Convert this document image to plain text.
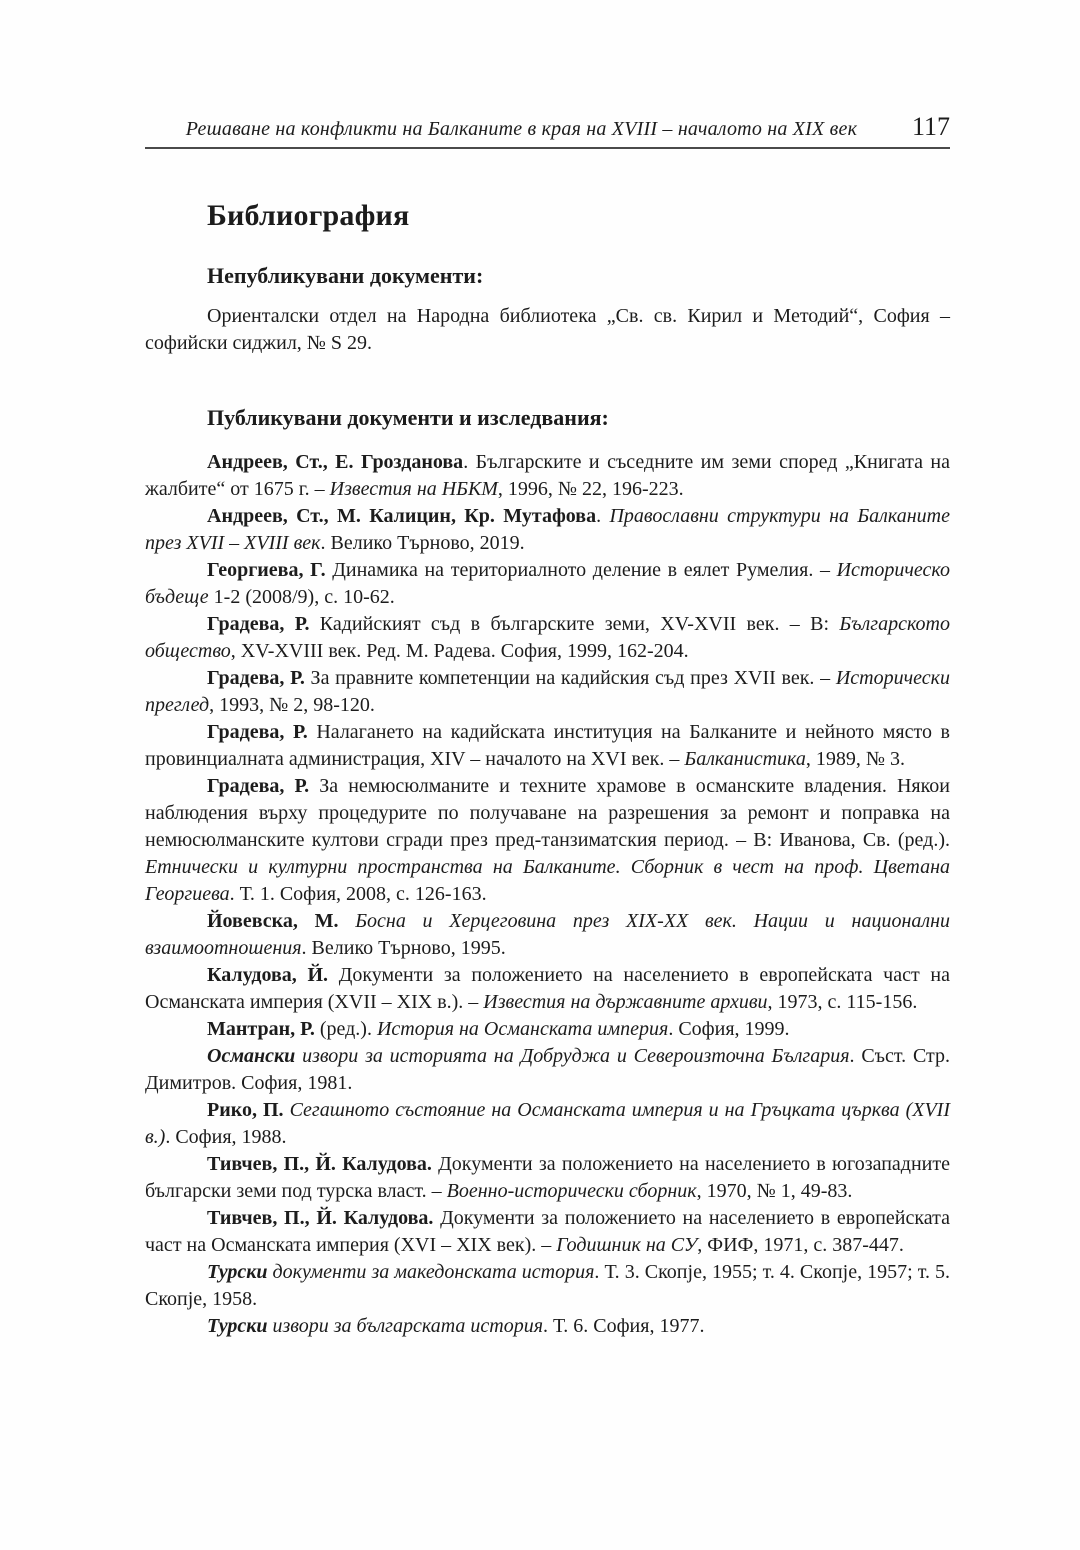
Решаване на конфликти на Балканите в края на XVIII – началото на XIX век	117
Библиография
Непубликувани документи:

Ориенталски отдел на Народна библиотека „Св. св. Кирил и Методий“, София – софийски сиджил, № S 29.

Публикувани документи и изследвания:

Андреев, Ст., Е. Грозданова. Българските и съседните им земи според „Книгата на жалбите“ от 1675 г. – Известия на НБКМ, 1996, № 22, 196-223.

Андреев, Ст., М. Калицин, Кр. Мутафова. Православни структури на Балканите през XVII – XVIII век. Велико Търново, 2019.

Георгиева, Г. Динамика на териториалното деление в еялет Румелия. – Историческо бъдеще 1-2 (2008/9), с. 10-62.

Градева, Р. Кадийският съд в българските земи, XV-XVII век. – В: Българското общество, XV-XVIII век. Ред. М. Радева. София, 1999, 162-204.

Градева, Р. За правните компетенции на кадийския съд през XVII век. – Исторически преглед, 1993, № 2, 98-120.

Градева, Р. Налагането на кадийската институция на Балканите и нейното място в провинциалната администрация, XIV – началото на XVI век. – Балканистика, 1989, № 3.

Градева, Р. За немюсюлманите и техните храмове в османските владения. Някои наблюдения върху процедурите по получаване на разрешения за ремонт и поправка на немюсюлманските култови сгради през пред-танзиматския период. – В: Иванова, Св. (ред.). Етнически и културни пространства на Балканите. Сборник в чест на проф. Цветана Георгиева. Т. 1. София, 2008, с. 126-163.

Йовевска, М. Босна и Херцеговина през XIX-XX век. Нации и национални взаимоотношения. Велико Търново, 1995.

Калудова, Й. Документи за положението на населението в европейската част на Османската империя (XVII – XIX в.). – Известия на държавните архиви, 1973, с. 115-156.

Мантран, Р. (ред.). История на Османската империя. София, 1999.

Османски извори за историята на Добруджа и Североизточна България. Съст. Стр. Димитров. София, 1981.

Рико, П. Сегашното състояние на Османската империя и на Гръцката църква (XVII в.). София, 1988.

Тивчев, П., Й. Калудова. Документи за положението на населението в югозападните български земи под турска власт. – Военно-исторически сборник, 1970, № 1, 49-83.

Тивчев, П., Й. Калудова. Документи за положението на населението в европейската част на Османската империя (XVI – XIX век). – Годишник на СУ, ФИФ, 1971, с. 387-447.

Турски документи за македонската история. Т. 3. Скопје, 1955; т. 4. Скопје, 1957; т. 5. Скопје, 1958.

Турски извори за българската история. Т. 6. София, 1977.
